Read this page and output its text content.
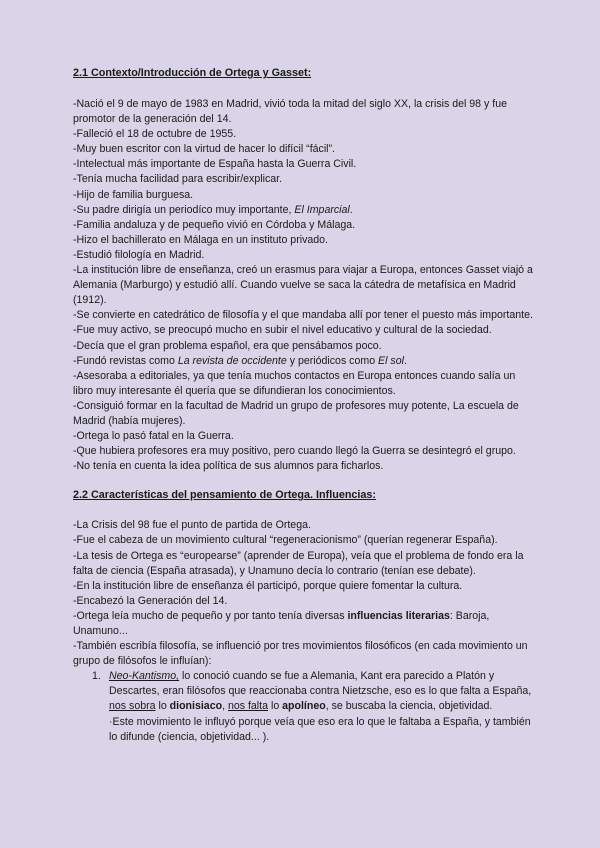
2.1 Contexto/Introducción de Ortega y Gasset:

-Nació el 9 de mayo de 1983 en Madrid, vivió toda la mitad del siglo XX, la crisis del 98 y fue promotor de la generación del 14.

-Falleció el 18 de octubre de 1955.

-Muy buen escritor con la virtud de hacer lo difícil “fácil”.

-Intelectual más importante de España hasta la Guerra Civil.

-Tenía mucha facilidad para escribir/explicar.

-Hijo de familia burguesa.

-Su padre dirigía un periodíco muy importante, El Imparcial.

-Familia andaluza y de pequeño vivió en Córdoba y Málaga.

-Hizo el bachillerato en Málaga en un instituto privado.

-Estudió filología en Madrid.

-La institución libre de enseñanza, creó un erasmus para viajar a Europa, entonces Gasset viajó a Alemania (Marburgo) y estudió allí. Cuando vuelve se saca la cátedra de metafísica en Madrid (1912).

-Se convierte en catedrático de filosofía y el que mandaba allí por tener el puesto más importante.

-Fue muy activo, se preocupó mucho en subir el nivel educativo y cultural de la sociedad.

-Decía que el gran problema español, era que pensábamos poco.

-Fundó revistas como La revista de occidente y periódicos como El sol.

-Asesoraba a editoriales, ya que tenía muchos contactos en Europa entonces cuando salía un libro muy interesante él quería que se difundieran los conocimientos.

-Consiguió formar en la facultad de Madrid un grupo de profesores muy potente, La escuela de Madrid (había mujeres).

-Ortega lo pasó fatal en la Guerra.

-Que hubiera profesores era muy positivo, pero cuando llegó la Guerra se desintegró el grupo.

-No tenía en cuenta la idea política de sus alumnos para ficharlos.

2.2 Características del pensamiento de Ortega. Influencias:

-La Crisis del 98 fue el punto de partida de Ortega.

-Fue el cabeza de un movimiento cultural “regeneracionismo” (querían regenerar España).

-La tesis de Ortega es “europearse” (aprender de Europa), veía que el problema de fondo era la falta de ciencia (España atrasada), y Unamuno decía lo contrario (tenían ese debate).

-En la institución libre de enseñanza él participó, porque quiere fomentar la cultura.

-Encabezó la Generación del 14.

-Ortega leía mucho de pequeño y por tanto tenía diversas influencias literarias: Baroja, Unamuno...

-También escribía filosofía, se influenció por tres movimientos filosóficos (en cada movimiento un grupo de filósofos le influían):

1. Neo-Kantismo, lo conoció cuando se fue a Alemania, Kant era parecido a Platón y Descartes, eran filósofos que reaccionaba contra Nietzsche, eso es lo que falta a España, nos sobra lo dionisiaco, nos falta lo apolíneo, se buscaba la ciencia, objetividad.

·Este movimiento le influyó porque veía que eso era lo que le faltaba a España, y también lo difunde (ciencia, objetividad... ).
